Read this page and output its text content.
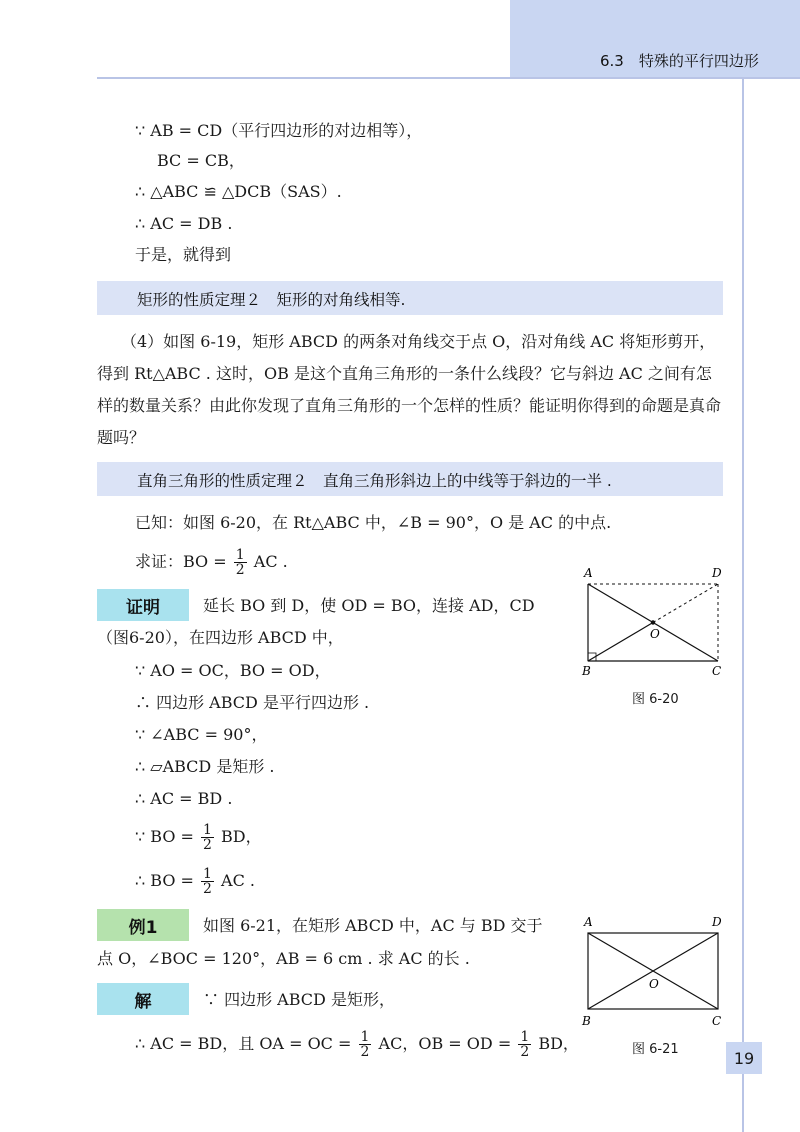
6.3　特殊的平行四边形
∵ AB = CD（平行四边形的对边相等），
BC = CB，
∴ △ABC ≌ △DCB（SAS）.
∴ AC = DB .
于是，就得到
矩形的性质定理２　矩形的对角线相等.
（4）如图 6-19，矩形 ABCD 的两条对角线交于点 O，沿对角线 AC 将矩形剪开，得到 Rt△ABC . 这时，OB 是这个直角三角形的一条什么线段？它与斜边 AC 之间有怎样的数量关系？由此你发现了直角三角形的一个怎样的性质？能证明你得到的命题是真命题吗？
直角三角形的性质定理２　直角三角形斜边上的中线等于斜边的一半 .
已知：如图 6-20，在 Rt△ABC 中，∠B = 90°，O 是 AC 的中点.
求证：BO = $\frac{1}{2}$ AC .
证明	延长 BO 到 D，使 OD = BO，连接 AD，CD
（图6-20），在四边形 ABCD 中，
∵ AO = OC，BO = OD，
∴ 四边形 ABCD 是平行四边形 .
∵ ∠ABC = 90°，
∴ ▱ABCD 是矩形 .
∴ AC = BD .
∵ BO = $\frac{1}{2}$ BD，
∴ BO = $\frac{1}{2}$ AC .
例1	如图 6-21，在矩形 ABCD 中，AC 与 BD 交于
点 O，∠BOC = 120°，AB = 6 cm . 求 AC 的长 .
解	∵ 四边形 ABCD 是矩形，
∴ AC = BD，且 OA = OC = $\frac{1}{2}$ AC，OB = OD = $\frac{1}{2}$ BD，
A	D
O
B	C
图 6-20
A	D
O
B	C
图 6-21	19
